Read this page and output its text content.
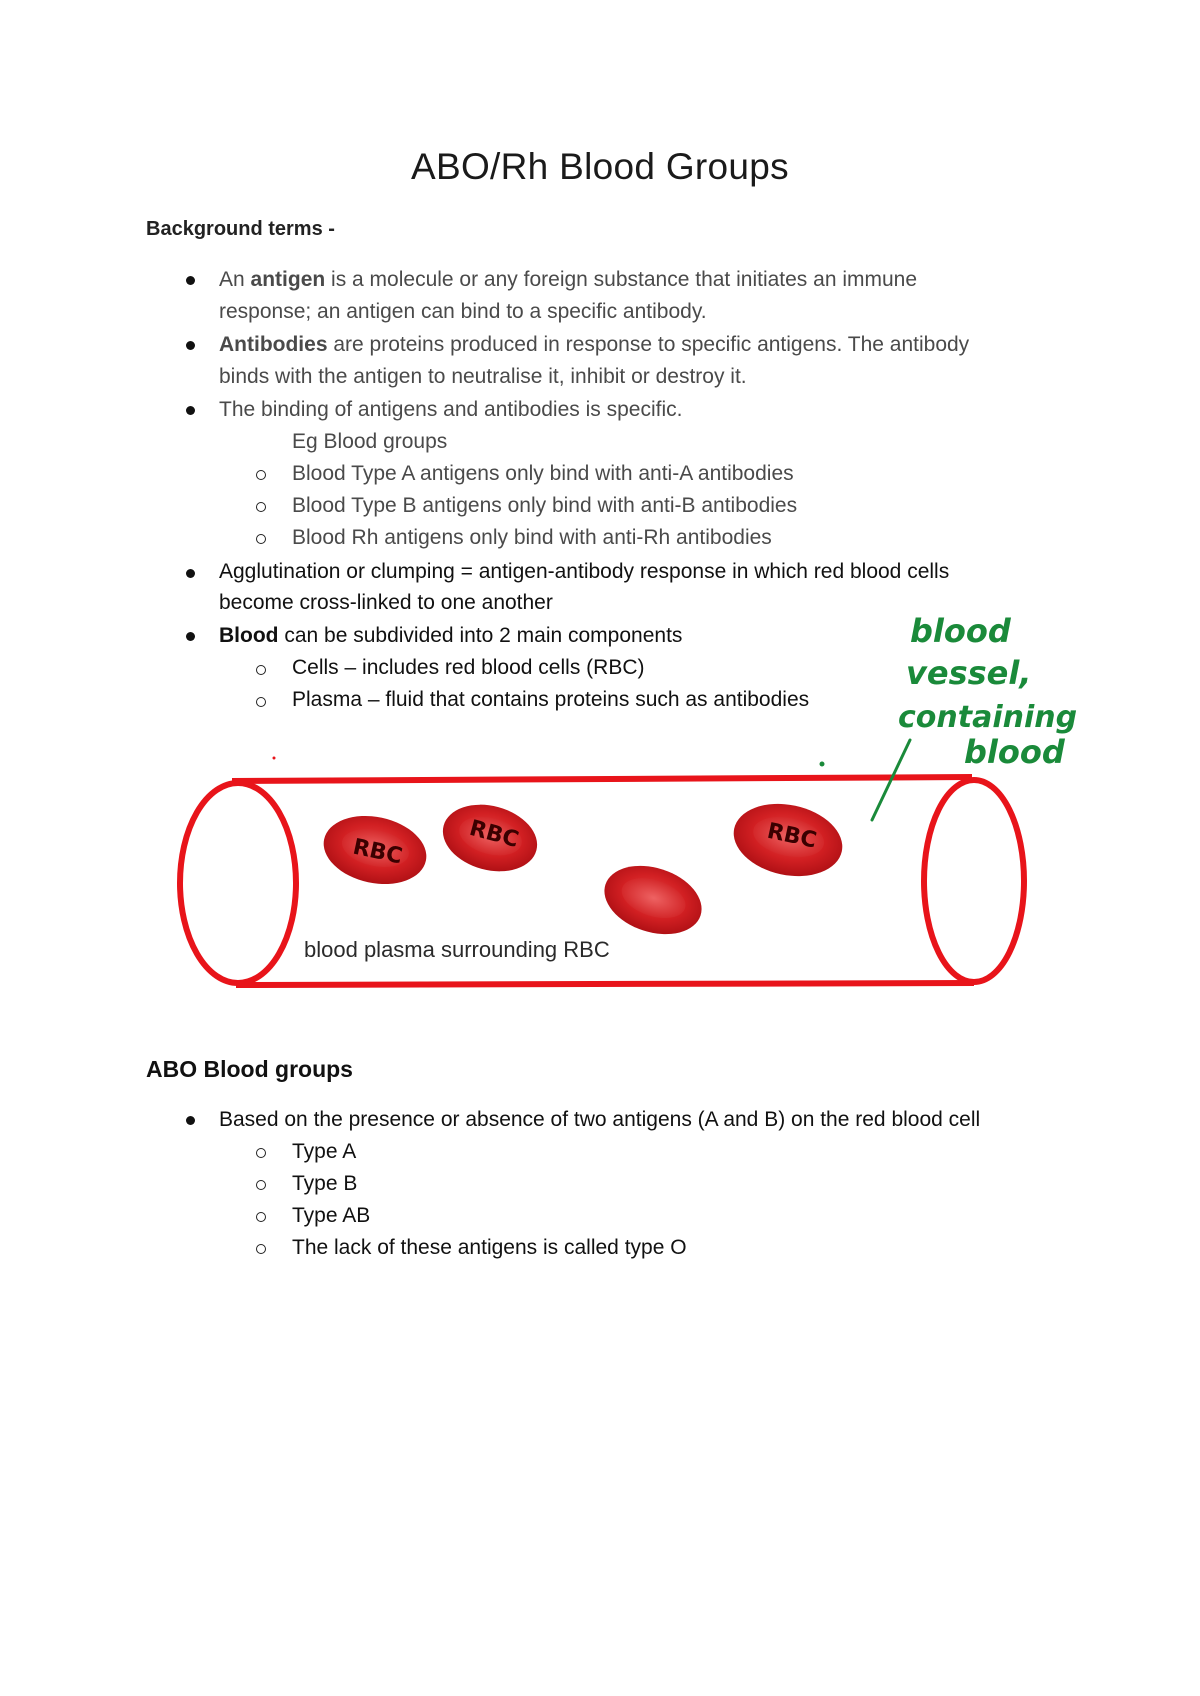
ABO/Rh Blood Groups
Background terms -
An antigen is a molecule or any foreign substance that initiates an immune
response; an antigen can bind to a specific antibody.
Antibodies are proteins produced in response to specific antigens. The antibody
binds with the antigen to neutralise it, inhibit or destroy it.
The binding of antigens and antibodies is specific.
Eg Blood groups
Blood Type A antigens only bind with anti-A antibodies
Blood Type B antigens only bind with anti-B antibodies
Blood Rh antigens only bind with anti-Rh antibodies
Agglutination or clumping = antigen-antibody response in which red blood cells
become cross-linked to one another
Blood can be subdivided into 2 main components
Cells – includes red blood cells (RBC)
Plasma – fluid that contains proteins such as antibodies
RBC	RBC	RBC
blood plasma surrounding RBC
blood
vessel,
containing
blood
ABO Blood groups
Based on the presence or absence of two antigens (A and B) on the red blood cell
Type A
Type B
Type AB
The lack of these antigens is called type O
